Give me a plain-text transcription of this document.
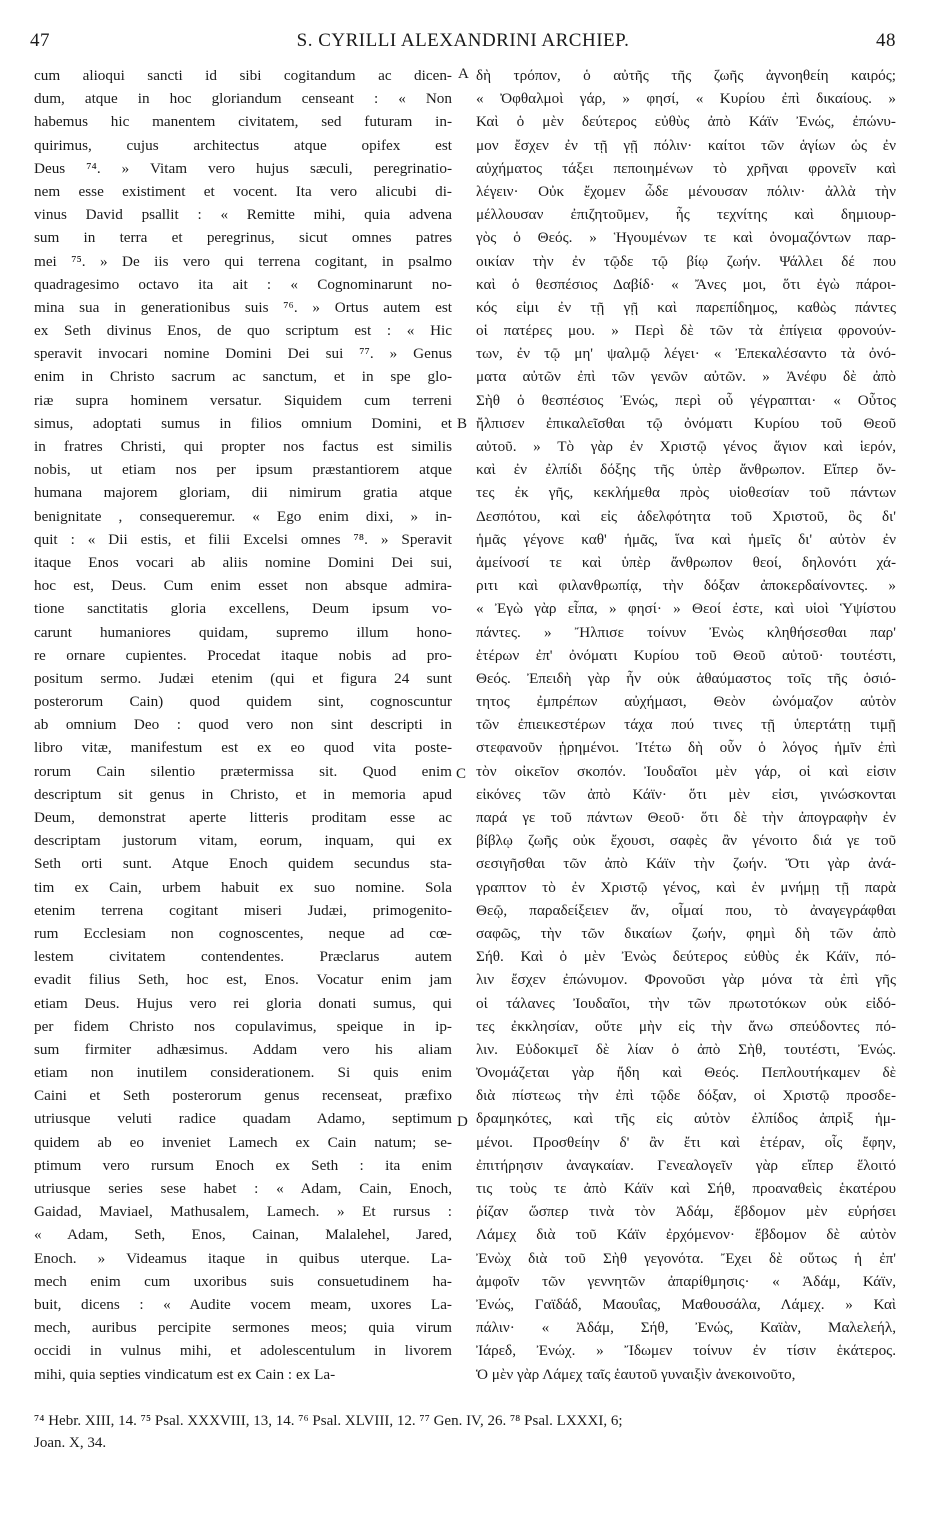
47	S. CYRILLI ALEXANDRINI ARCHIEP.	48
cum alioqui sancti id sibi cogitandum ac dicen-
dum, atque in hoc gloriandum censeant : « Non
habemus hic manentem civitatem, sed futuram in-
quirimus, cujus architectus atque opifex est
Deus ⁷⁴. » Vitam vero hujus sæculi, peregrinatio-
nem esse existiment et vocent. Ita vero alicubi di-
vinus David psallit : « Remitte mihi, quia advena
sum in terra et peregrinus, sicut omnes patres
mei ⁷⁵. » De iis vero qui terrena cogitant, in psalmo
quadragesimo octavo ita ait : « Cognominarunt no-
mina sua in generationibus suis ⁷⁶. » Ortus autem est
ex Seth divinus Enos, de quo scriptum est : « Hic
speravit invocari nomine Domini Dei sui ⁷⁷. » Genus
enim in Christo sacrum ac sanctum, et in spe glo-
riæ supra hominem versatur. Siquidem cum terreni
simus, adoptati sumus in filios omnium Domini, et
in fratres Christi, qui propter nos factus est similis
nobis, ut etiam nos per ipsum præstantiorem atque
humana majorem gloriam, dii nimirum gratia atque
benignitate , consequeremur. « Ego enim dixi, » in-
quit : « Dii estis, et filii Excelsi omnes ⁷⁸. » Speravit
itaque Enos vocari ab aliis nomine Domini Dei sui,
hoc est, Deus. Cum enim esset non absque admira-
tione sanctitatis gloria excellens, Deum ipsum vo-
carunt humaniores quidam, supremo illum hono-
re ornare cupientes. Procedat itaque nobis ad pro-
positum sermo. Judæi etenim (qui et figura 24 sunt
posterorum Cain) quod quidem sint, cognoscuntur
ab omnium Deo : quod vero non sint descripti in
libro vitæ, manifestum est ex eo quod vita poste-
rorum Cain silentio prætermissa sit. Quod enim
descriptum sit genus in Christo, et in memoria apud
Deum, demonstrat aperte litteris proditam esse ac
descriptam justorum vitam, eorum, inquam, qui ex
Seth orti sunt. Atque Enoch quidem secundus sta-
tim ex Cain, urbem habuit ex suo nomine. Sola
etenim terrena cogitant miseri Judæi, primogenito-
rum Ecclesiam non cognoscentes, neque ad cœ-
lestem civitatem contendentes. Præclarus autem
evadit filius Seth, hoc est, Enos. Vocatur enim jam
etiam Deus. Hujus vero rei gloria donati sumus, qui
per fidem Christo nos copulavimus, speique in ip-
sum firmiter adhæsimus. Addam vero his aliam
etiam non inutilem considerationem. Si quis enim
Caini et Seth posterorum genus recenseat, præfixo
utriusque veluti radice quadam Adamo, septimum
quidem ab eo inveniet Lamech ex Cain natum; se-
ptimum vero rursum Enoch ex Seth : ita enim
utriusque series sese habet : « Adam, Cain, Enoch,
Gaidad, Maviael, Mathusalem, Lamech. » Et rursus :
« Adam, Seth, Enos, Cainan, Malalehel, Jared,
Enoch. » Videamus itaque in quibus uterque. La-
mech enim cum uxoribus suis consuetudinem ha-
buit, dicens : « Audite vocem meam, uxores La-
mech, auribus percipite sermones meos; quia virum
occidi in vulnus mihi, et adolescentulum in livorem
mihi, quia septies vindicatum est ex Cain : ex La-
δὴ τρόπον, ὁ αὐτῆς τῆς ζωῆς ἀγνοηθείη καιρός;
« Ὀφθαλμοὶ γάρ, » φησί, « Κυρίου ἐπὶ δικαίους. »
Καὶ ὁ μὲν δεύτερος εὐθὺς ἀπὸ Κάϊν Ἐνώς, ἐπώνυ-
μον ἔσχεν ἐν τῇ γῇ πόλιν· καίτοι τῶν ἁγίων ὡς ἐν
αὐχήματος τάξει πεποιημένων τὸ χρῆναι φρονεῖν καὶ
λέγειν· Οὐκ ἔχομεν ὧδε μένουσαν πόλιν· ἀλλὰ τὴν
μέλλουσαν ἐπιζητοῦμεν, ἧς τεχνίτης καὶ δημιουρ-
γὸς ὁ Θεός. » Ἡγουμένων τε καὶ ὀνομαζόντων παρ-
οικίαν τὴν ἐν τῷδε τῷ βίῳ ζωήν. Ψάλλει δέ που
καὶ ὁ θεσπέσιος Δαβίδ· « Ἄνες μοι, ὅτι ἐγὼ πάροι-
κός εἰμι ἐν τῇ γῇ καὶ παρεπίδημος, καθὼς πάντες
οἱ πατέρες μου. » Περὶ δὲ τῶν τὰ ἐπίγεια φρονούν-
των, ἐν τῷ μη' ψαλμῷ λέγει· « Ἐπεκαλέσαντο τὰ ὀνό-
ματα αὐτῶν ἐπὶ τῶν γενῶν αὐτῶν. » Ἀνέφυ δὲ ἀπὸ
Σὴθ ὁ θεσπέσιος Ἐνώς, περὶ οὗ γέγραπται· « Οὗτος
ἤλπισεν ἐπικαλεῖσθαι τῷ ὀνόματι Κυρίου τοῦ Θεοῦ
αὐτοῦ. » Τὸ γὰρ ἐν Χριστῷ γένος ἅγιον καὶ ἱερόν,
καὶ ἐν ἐλπίδι δόξης τῆς ὑπὲρ ἄνθρωπον. Εἴπερ ὄν-
τες ἐκ γῆς, κεκλήμεθα πρὸς υἱοθεσίαν τοῦ πάντων
Δεσπότου, καὶ εἰς ἀδελφότητα τοῦ Χριστοῦ, ὃς δι'
ἡμᾶς γέγονε καθ' ἡμᾶς, ἵνα καὶ ἡμεῖς δι' αὐτὸν ἐν
ἀμείνοσί τε καὶ ὑπὲρ ἄνθρωπον θεοί, δηλονότι χά-
ριτι καὶ φιλανθρωπίᾳ, τὴν δόξαν ἀποκερδαίνοντες. »
« Ἐγὼ γὰρ εἶπα, » φησί· » Θεοί ἐστε, καὶ υἱοὶ Ὑψίστου
πάντες. » Ἤλπισε τοίνυν Ἐνὼς κληθήσεσθαι παρ'
ἑτέρων ἐπ' ὀνόματι Κυρίου τοῦ Θεοῦ αὐτοῦ· τουτέστι,
Θεός. Ἐπειδὴ γὰρ ἦν οὐκ ἀθαύμαστος τοῖς τῆς ὁσιό-
τητος ἐμπρέπων αὐχήμασι, Θεὸν ὠνόμαζον αὐτὸν
τῶν ἐπιεικεστέρων τάχα πού τινες τῇ ὑπερτάτῃ τιμῇ
στεφανοῦν ᾑρημένοι. Ἰτέτω δὴ οὖν ὁ λόγος ἡμῖν ἐπὶ
τὸν οἰκεῖον σκοπόν. Ἰουδαῖοι μὲν γάρ, οἱ καὶ εἰσιν
εἰκόνες τῶν ἀπὸ Κάϊν· ὅτι μὲν εἰσι, γινώσκονται
παρά γε τοῦ πάντων Θεοῦ· ὅτι δὲ τὴν ἀπογραφὴν ἐν
βίβλῳ ζωῆς οὐκ ἔχουσι, σαφὲς ἂν γένοιτο διά γε τοῦ
σεσιγῆσθαι τῶν ἀπὸ Κάϊν τὴν ζωήν. Ὅτι γὰρ ἀνά-
γραπτον τὸ ἐν Χριστῷ γένος, καὶ ἐν μνήμῃ τῇ παρὰ
Θεῷ, παραδείξειεν ἄν, οἶμαί που, τὸ ἀναγεγράφθαι
σαφῶς, τὴν τῶν δικαίων ζωήν, φημὶ δὴ τῶν ἀπὸ
Σήθ. Καὶ ὁ μὲν Ἐνὼς δεύτερος εὐθὺς ἐκ Κάϊν, πό-
λιν ἔσχεν ἐπώνυμον. Φρονοῦσι γὰρ μόνα τὰ ἐπὶ γῆς
οἱ τάλανες Ἰουδαῖοι, τὴν τῶν πρωτοτόκων οὐκ εἰδό-
τες ἐκκλησίαν, οὔτε μὴν εἰς τὴν ἄνω σπεύδοντες πό-
λιν. Εὐδοκιμεῖ δὲ λίαν ὁ ἀπὸ Σὴθ, τουτέστι, Ἐνώς.
Ὀνομάζεται γὰρ ἤδη καὶ Θεός. Πεπλουτήκαμεν δὲ
διὰ πίστεως τὴν ἐπὶ τῷδε δόξαν, οἱ Χριστῷ προσδε-
δραμηκότες, καὶ τῆς εἰς αὐτὸν ἐλπίδος ἀπρὶξ ἡμ-
μένοι. Προσθείην δ' ἂν ἔτι καὶ ἑτέραν, οἷς ἔφην,
ἐπιτήρησιν ἀναγκαίαν. Γενεαλογεῖν γὰρ εἴπερ ἕλοιτό
τις τοὺς τε ἀπὸ Κάϊν καὶ Σήθ, προαναθεὶς ἑκατέρου
ῥίζαν ὥσπερ τινὰ τὸν Ἀδάμ, ἕβδομον μὲν εὑρήσει
Λάμεχ διὰ τοῦ Κάϊν ἐρχόμενον· ἕβδομον δὲ αὐτὸν
Ἐνὼχ διὰ τοῦ Σὴθ γεγονότα. Ἔχει δὲ οὕτως ἡ ἐπ'
ἀμφοῖν τῶν γεννητῶν ἀπαρίθμησις· « Ἀδάμ, Κάϊν,
Ἐνώς, Γαϊδάδ, Μαουΐας, Μαθουσάλα, Λάμεχ. » Καὶ
πάλιν· « Ἀδάμ, Σήθ, Ἐνώς, Καϊὰν, Μαλελεήλ,
Ἰάρεδ, Ἐνώχ. » Ἴδωμεν τοίνυν ἐν τίσιν ἑκάτερος.
Ὁ μὲν γὰρ Λάμεχ ταῖς ἑαυτοῦ γυναιξὶν ἀνεκοινοῦτο,
A
B
C
D
⁷⁴ Hebr. XIII, 14. ⁷⁵ Psal. XXXVIII, 13, 14. ⁷⁶ Psal. XLVIII, 12. ⁷⁷ Gen. IV, 26. ⁷⁸ Psal. LXXXI, 6;
Joan. X, 34.
